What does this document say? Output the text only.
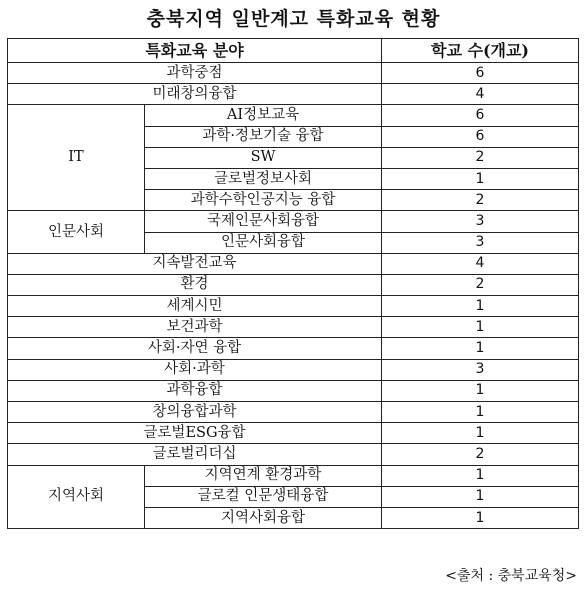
충북지역 일반계고 특화교육 현황
특화교육 분야		학교 수(개교)
과학중점		6
미래창의융합		4
IT	AI정보교육	6
	과학·정보기술 융합	6
	SW	2
	글로벌정보사회	1
	과학수학인공지능 융합	2
인문사회	국제인문사회융합	3
	인문사회융합	3
지속발전교육		4
환경		2
세계시민		1
보건과학		1
사회·자연 융합		1
사회·과학		3
과학융합		1
창의융합과학		1
글로벌ESG융합		1
글로벌리더십		2
지역사회	지역연계 환경과학	1
	글로컬 인문생태융합	1
	지역사회융합	1
<출처 : 충북교육청>
